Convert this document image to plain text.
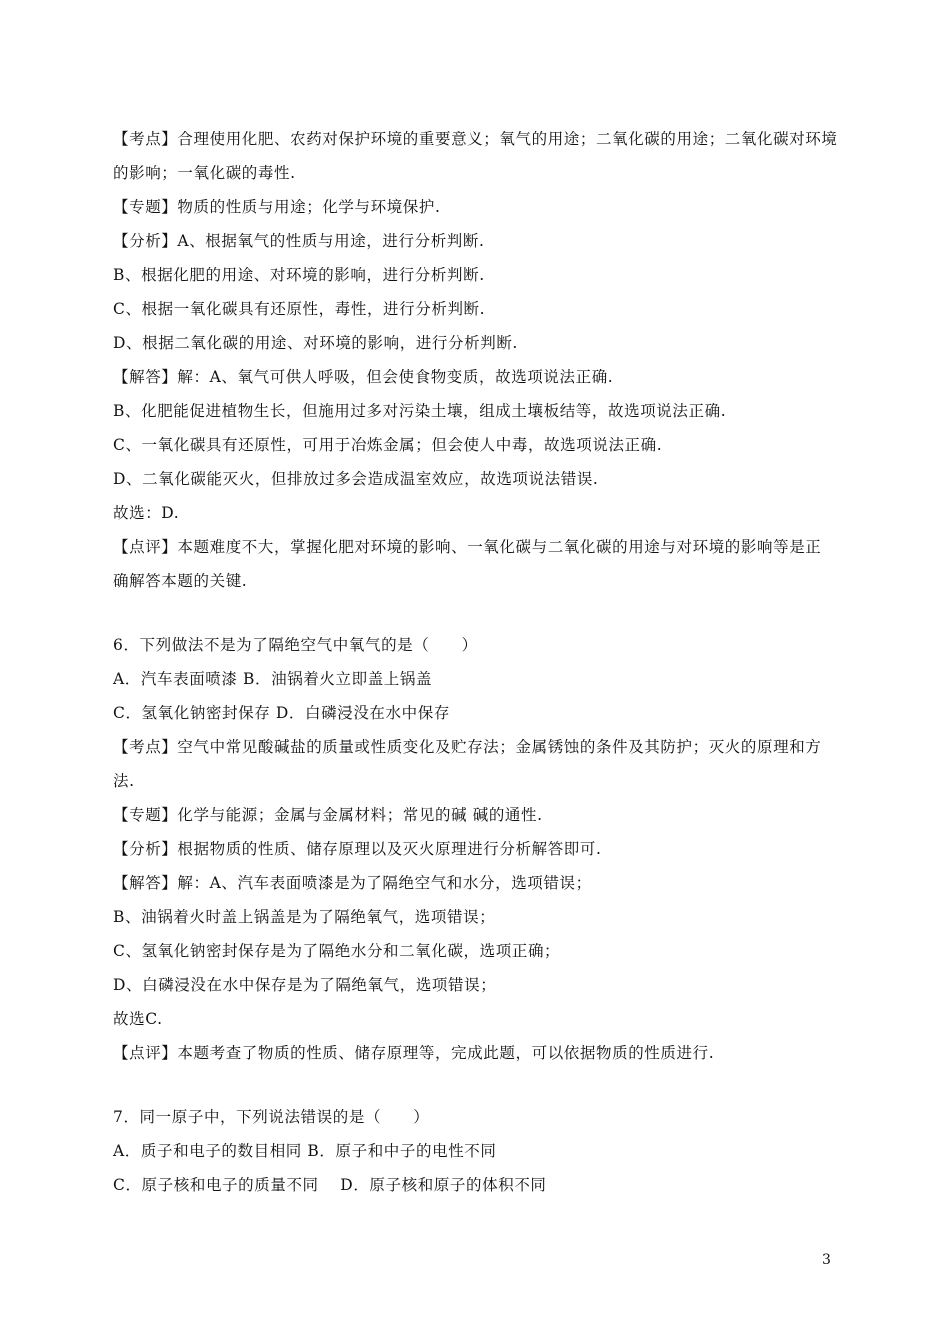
【考点】合理使用化肥、农药对保护环境的重要意义；氧气的用途；二氧化碳的用途；二氧化碳对环境
的影响；一氧化碳的毒性.
【专题】物质的性质与用途；化学与环境保护.
【分析】A、根据氧气的性质与用途，进行分析判断.
B、根据化肥的用途、对环境的影响，进行分析判断.
C、根据一氧化碳具有还原性，毒性，进行分析判断.
D、根据二氧化碳的用途、对环境的影响，进行分析判断.
【解答】解：A、氧气可供人呼吸，但会使食物变质，故选项说法正确.
B、化肥能促进植物生长，但施用过多对污染土壤，组成土壤板结等，故选项说法正确.
C、一氧化碳具有还原性，可用于冶炼金属；但会使人中毒，故选项说法正确.
D、二氧化碳能灭火，但排放过多会造成温室效应，故选项说法错误.
故选：D.
【点评】本题难度不大，掌握化肥对环境的影响、一氧化碳与二氧化碳的用途与对环境的影响等是正
确解答本题的关键.
6．下列做法不是为了隔绝空气中氧气的是（　　）
A．汽车表面喷漆 B．油锅着火立即盖上锅盖
C．氢氧化钠密封保存 D．白磷浸没在水中保存
【考点】空气中常见酸碱盐的质量或性质变化及贮存法；金属锈蚀的条件及其防护；灭火的原理和方
法.
【专题】化学与能源；金属与金属材料；常见的碱 碱的通性.
【分析】根据物质的性质、储存原理以及灭火原理进行分析解答即可.
【解答】解：A、汽车表面喷漆是为了隔绝空气和水分，选项错误；
B、油锅着火时盖上锅盖是为了隔绝氧气，选项错误；
C、氢氧化钠密封保存是为了隔绝水分和二氧化碳，选项正确；
D、白磷浸没在水中保存是为了隔绝氧气，选项错误；
故选C.
【点评】本题考查了物质的性质、储存原理等，完成此题，可以依据物质的性质进行.
7．同一原子中，下列说法错误的是（　　）
A．质子和电子的数目相同 B．原子和中子的电性不同
C．原子核和电子的质量不同　 D．原子核和原子的体积不同
3
